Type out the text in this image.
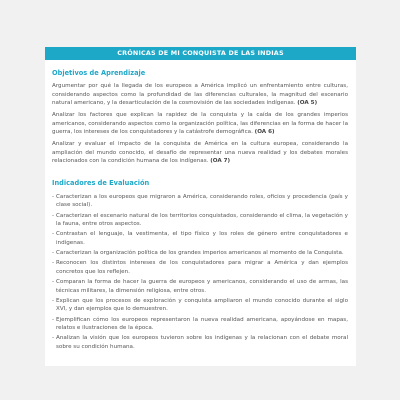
CRÓNICAS DE MI CONQUISTA DE LAS INDIAS
Objetivos de Aprendizaje

Argumentar por qué la llegada de los europeos a América implicó un enfrentamiento entre culturas, considerando aspectos como la profundidad de las diferencias culturales, la magnitud del escenario natural americano, y la desarticulación de la cosmovisión de las sociedades indígenas. (OA 5)

Analizar los factores que explican la rapidez de la conquista y la caída de los grandes imperios americanos, considerando aspectos como la organización política, las diferencias en la forma de hacer la guerra, los intereses de los conquistadores y la catástrofe demográfica. (OA 6)

Analizar y evaluar el impacto de la conquista de América en la cultura europea, considerando la ampliación del mundo conocido, el desafío de representar una nueva realidad y los debates morales relacionados con la condición humana de los indígenas. (OA 7)

Indicadores de Evaluación
- Caracterizan a los europeos que migraron a América, considerando roles, oficios y procedencia (país y clase social).
- Caracterizan el escenario natural de los territorios conquistados, considerando el clima, la vegetación y la fauna, entre otros aspectos.
- Contrastan el lenguaje, la vestimenta, el tipo físico y los roles de género entre conquistadores e indígenas.
- Caracterizan la organización política de los grandes imperios americanos al momento de la Conquista.
- Reconocen los distintos intereses de los conquistadores para migrar a América y dan ejemplos concretos que los reflejen.
- Comparan la forma de hacer la guerra de europeos y americanos, considerando el uso de armas, las técnicas militares, la dimensión religiosa, entre otros.
- Explican que los procesos de exploración y conquista ampliaron el mundo conocido durante el siglo XVI, y dan ejemplos que lo demuestren.
- Ejemplifican cómo los europeos representaron la nueva realidad americana, apoyándose en mapas, relatos e ilustraciones de la época.
- Analizan la visión que los europeos tuvieron sobre los indígenas y la relacionan con el debate moral sobre su condición humana.
